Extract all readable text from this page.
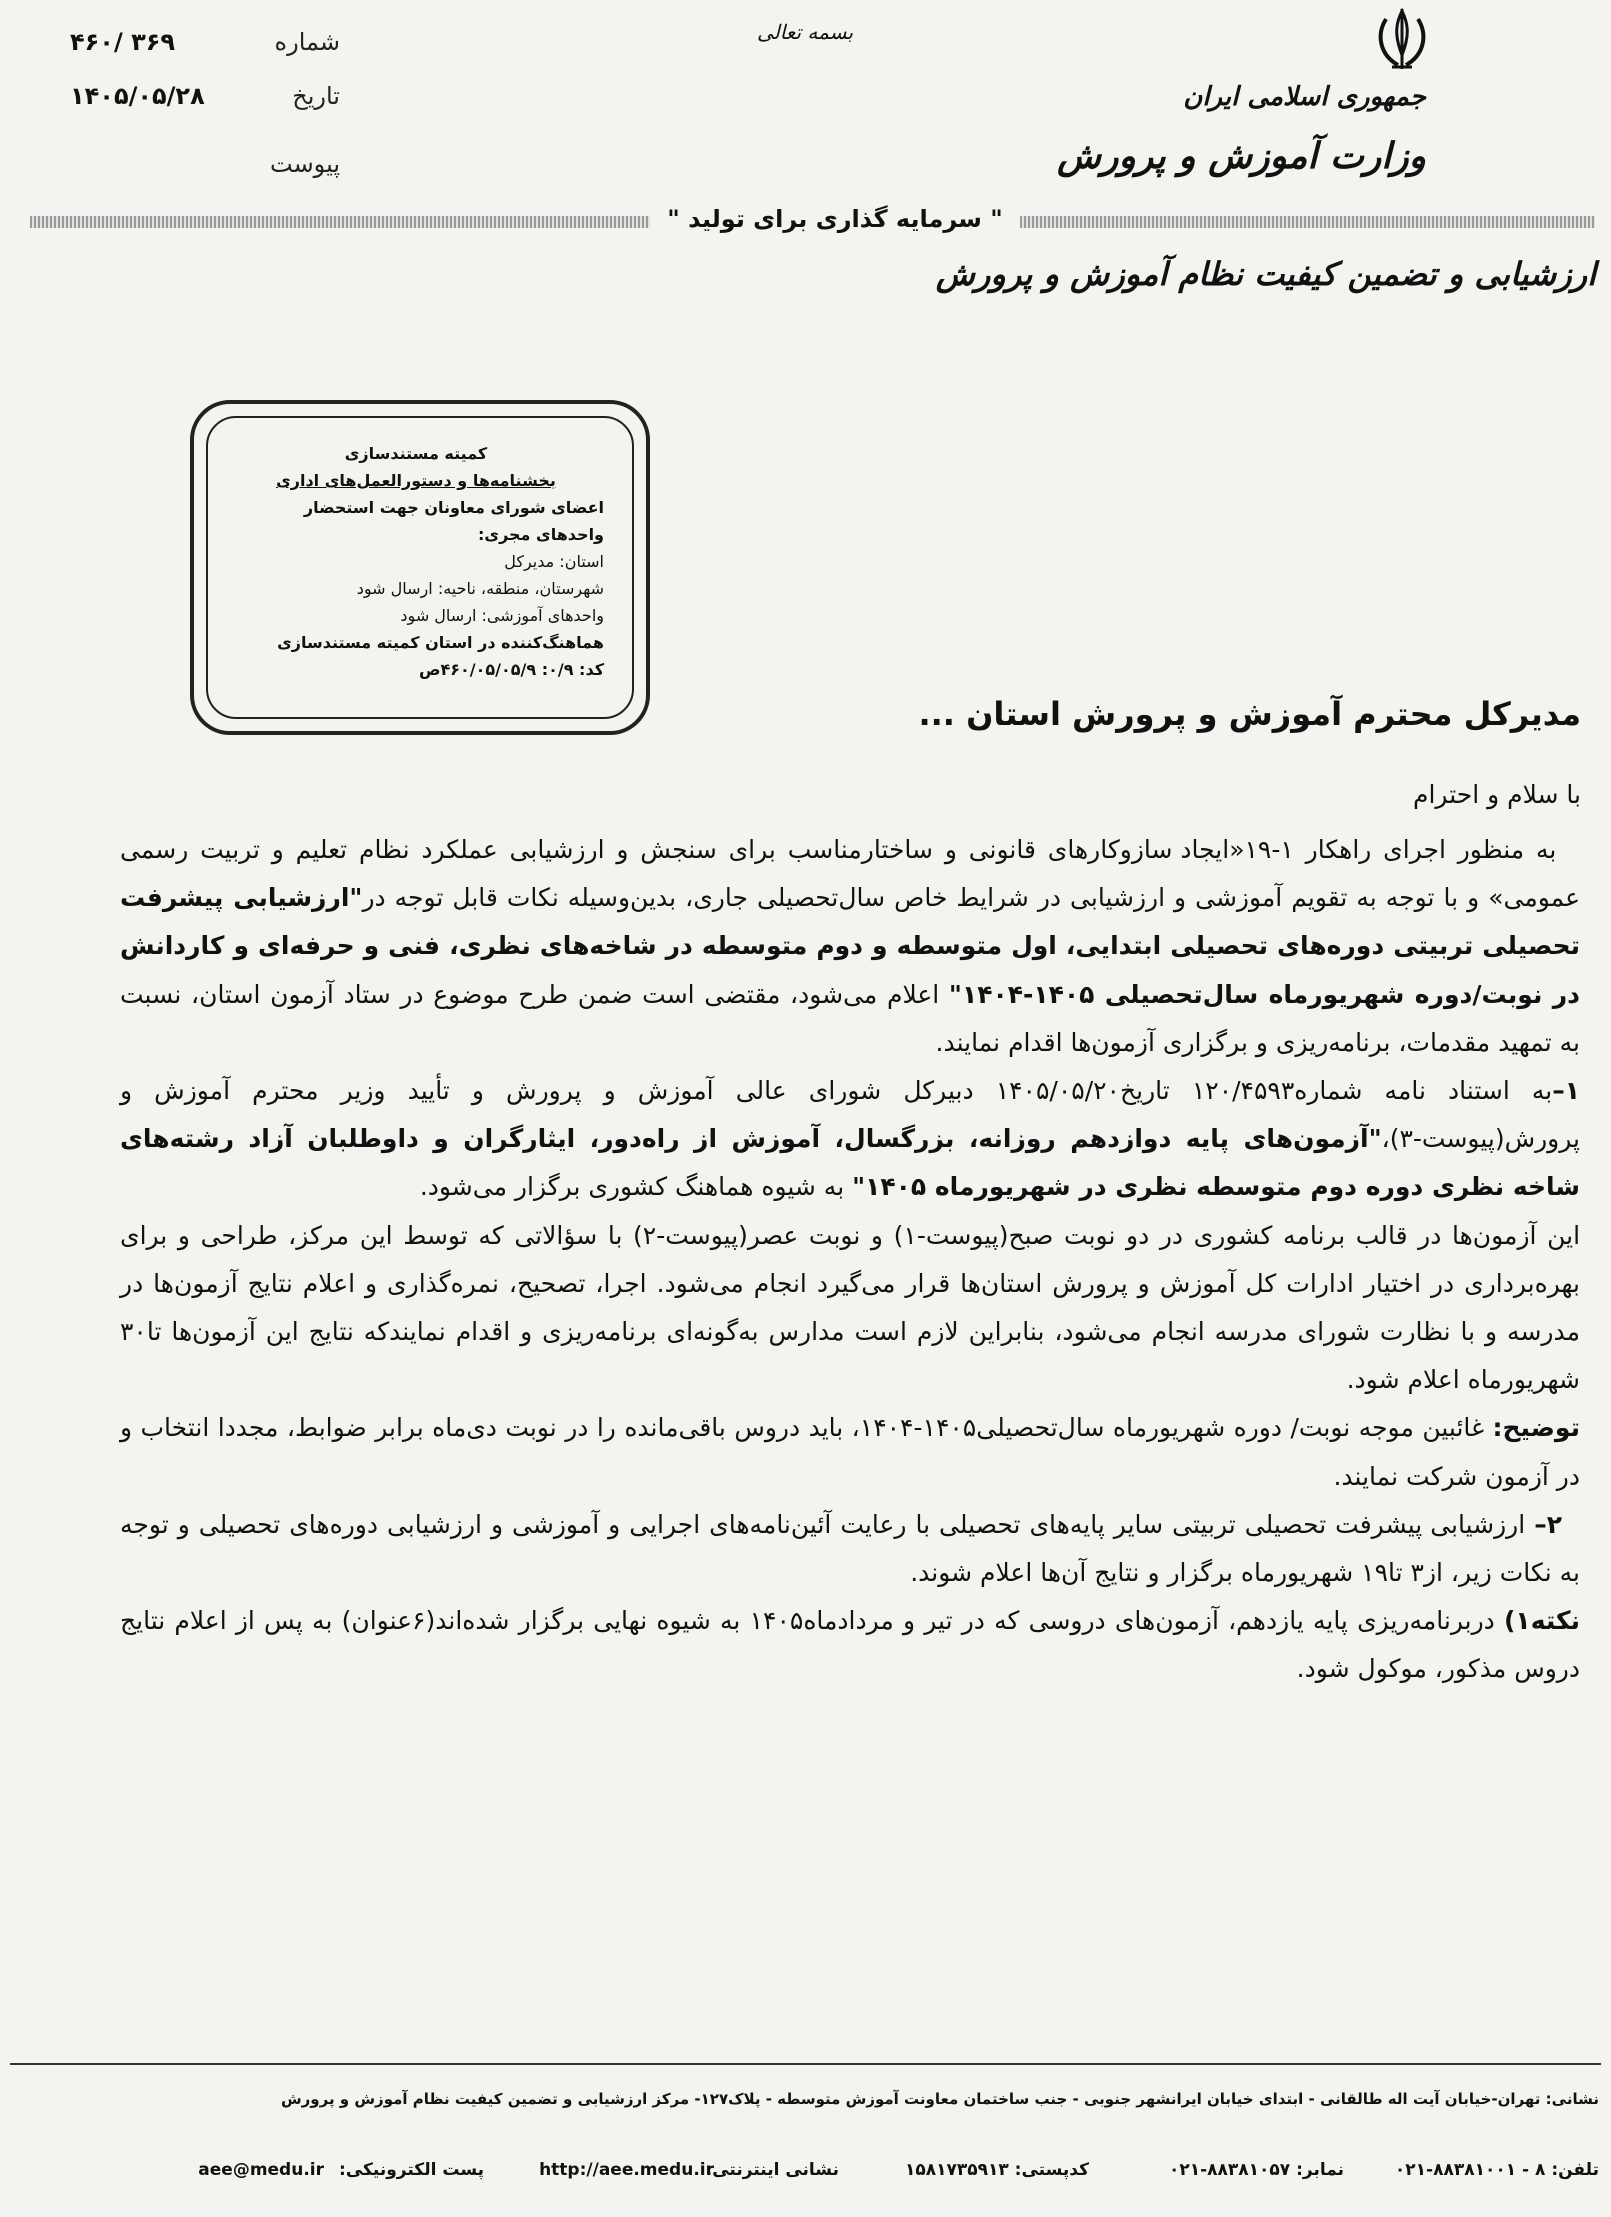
۴۶۰/ ۳۶۹	شماره
۱۴۰۵/۰۵/۲۸	تاریخ
پیوست
بسمه تعالی
جمهوری اسلامی ایران
وزارت آموزش و پرورش
" سرمایه گذاری برای تولید "
ارزشیابی و تضمین کیفیت نظام آموزش و پرورش
کمیته مستندسازی
بخشنامه‌ها و دستورالعمل‌های اداری
اعضای شورای معاونان جهت استحضار
واحدهای مجری:
استان: مدیرکل
شهرستان، منطقه، ناحیه: ارسال شود
واحدهای آموزشی: ارسال شود
هماهنگ‌کننده در استان کمیته مستندسازی
کد: ۰/۹: ۴۶۰/۰۵/۰۵/۹ص
مدیرکل محترم آموزش و پرورش استان ...
با سلام و احترام

به منظور اجرای راهکار ۱-۱۹«ایجاد سازوکارهای قانونی و ساختارمناسب برای سنجش و ارزشیابی عملکرد نظام تعلیم و تربیت رسمی عمومی» و با توجه به تقویم آموزشی و ارزشیابی در شرایط خاص سال‌تحصیلی جاری، بدین‌وسیله نکات قابل توجه در"ارزشیابی پیشرفت تحصیلی تربیتی دوره‌های تحصیلی ابتدایی، اول متوسطه و دوم متوسطه در شاخه‌های نظری، فنی و حرفه‌ای و کاردانش در نوبت/دوره شهریورماه سال‌تحصیلی ۱۴۰۵-۱۴۰۴" اعلام می‌شود، مقتضی است ضمن طرح موضوع در ستاد آزمون استان، نسبت به تمهید مقدمات، برنامه‌ریزی و برگزاری آزمون‌ها اقدام نمایند.

۱–به استناد نامه شماره۱۲۰/۴۵۹۳ تاریخ۱۴۰۵/۰۵/۲۰ دبیرکل شورای عالی آموزش و پرورش و تأیید وزیر محترم آموزش و پرورش(پیوست-۳)،"آزمون‌های پایه دوازدهم روزانه، بزرگسال، آموزش از راه‌دور، ایثارگران و داوطلبان آزاد رشته‌های شاخه نظری دوره دوم متوسطه نظری در شهریورماه ۱۴۰۵" به شیوه هماهنگ کشوری برگزار می‌شود.

این آزمون‌ها در قالب برنامه کشوری در دو نوبت صبح(پیوست-۱) و نوبت عصر(پیوست-۲) با سؤالاتی که توسط این مرکز، طراحی و برای بهره‌برداری در اختیار ادارات کل آموزش و پرورش استان‌ها قرار می‌گیرد انجام می‌شود. اجرا، تصحیح، نمره‌گذاری و اعلام نتایج آزمون‌ها در مدرسه و با نظارت شورای مدرسه انجام می‌شود، بنابراین لازم است مدارس به‌گونه‌ای برنامه‌ریزی و اقدام نمایندکه نتایج این آزمون‌ها تا۳۰ شهریورماه اعلام شود.

توضیح: غائبین موجه نوبت/ دوره شهریورماه سال‌تحصیلی۱۴۰۵-۱۴۰۴، باید دروس باقی‌مانده را در نوبت دی‌ماه برابر ضوابط، مجددا انتخاب و در آزمون شرکت نمایند.

۲– ارزشیابی پیشرفت تحصیلی تربیتی سایر پایه‌های تحصیلی با رعایت آئین‌نامه‌های اجرایی و آموزشی و ارزشیابی دوره‌های تحصیلی و توجه به نکات زیر، از۳ تا۱۹ شهریورماه برگزار و نتایج آن‌ها اعلام شوند.

نکته۱) دربرنامه‌ریزی پایه یازدهم، آزمون‌های دروسی که در تیر و مردادماه۱۴۰۵ به شیوه نهایی برگزار شده‌اند(۶عنوان) به پس از اعلام نتایج دروس مذکور، موکول شود.

نشانی: تهران-خیابان آیت اله طالقانی - ابتدای خیابان ایرانشهر جنوبی - جنب ساختمان معاونت آموزش متوسطه - پلاک۱۲۷- مرکز ارزشیابی و تضمین کیفیت نظام آموزش و پرورش
تلفن: ۸ - ۸۸۳۸۱۰۰۱-۰۲۱
نمابر: ۸۸۳۸۱۰۵۷-۰۲۱
کدپستی: ۱۵۸۱۷۳۵۹۱۳
نشانی اینترنتی:
http://aee.medu.ir
پست الکترونیکی:
aee@medu.ir
